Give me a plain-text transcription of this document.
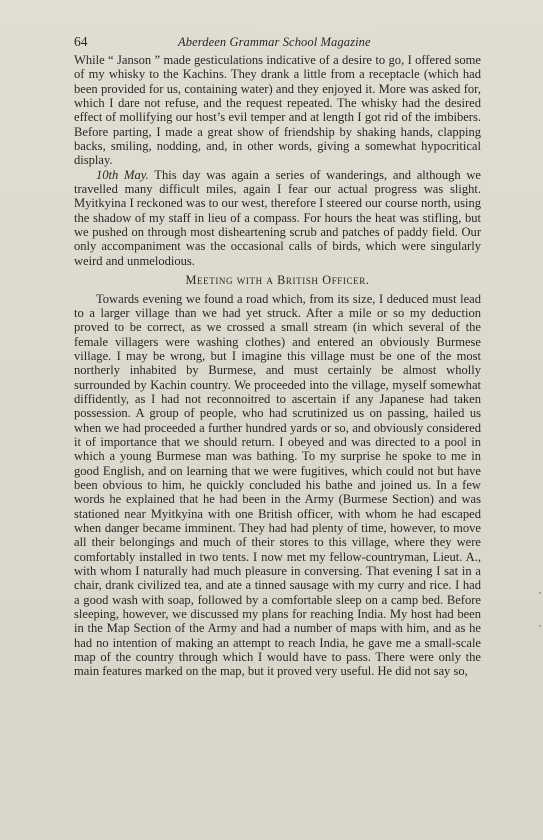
64	Aberdeen Grammar School Magazine

While “ Janson ” made gesticulations indicative of a desire to go, I offered some of my whisky to the Kachins. They drank a little from a receptacle (which had been provided for us, containing water) and they enjoyed it. More was asked for, which I dare not refuse, and the request repeated. The whisky had the desired effect of mollifying our host’s evil temper and at length I got rid of the imbibers. Before parting, I made a great show of friendship by shaking hands, clapping backs, smiling, nodding, and, in other words, giving a somewhat hypocritical display.

10th May. This day was again a series of wanderings, and although we travelled many difficult miles, again I fear our actual progress was slight. Myitkyina I reckoned was to our west, therefore I steered our course north, using the shadow of my staff in lieu of a compass. For hours the heat was stifling, but we pushed on through most disheartening scrub and patches of paddy field. Our only accompaniment was the occasional calls of birds, which were singularly weird and unmelodious.

Meeting with a British Officer.

Towards evening we found a road which, from its size, I deduced must lead to a larger village than we had yet struck. After a mile or so my deduction proved to be correct, as we crossed a small stream (in which several of the female villagers were washing clothes) and entered an obviously Burmese village. I may be wrong, but I imagine this village must be one of the most northerly inhabited by Burmese, and must certainly be almost wholly surrounded by Kachin country. We proceeded into the village, myself somewhat diffidently, as I had not reconnoitred to ascertain if any Japanese had taken possession. A group of people, who had scrutinized us on passing, hailed us when we had proceeded a further hundred yards or so, and obviously considered it of importance that we should return. I obeyed and was directed to a pool in which a young Burmese man was bathing. To my surprise he spoke to me in good English, and on learning that we were fugitives, which could not but have been obvious to him, he quickly concluded his bathe and joined us. In a few words he explained that he had been in the Army (Burmese Section) and was stationed near Myitkyina with one British officer, with whom he had escaped when danger became imminent. They had had plenty of time, however, to move all their belongings and much of their stores to this village, where they were comfortably installed in two tents. I now met my fellow-countryman, Lieut. A., with whom I naturally had much pleasure in conversing. That evening I sat in a chair, drank civilized tea, and ate a tinned sausage with my curry and rice. I had a good wash with soap, followed by a comfortable sleep on a camp bed. Before sleeping, however, we discussed my plans for reaching India. My host had been in the Map Section of the Army and had a number of maps with him, and as he had no intention of making an attempt to reach India, he gave me a small-scale map of the country through which I would have to pass. There were only the main features marked on the map, but it proved very useful. He did not say so,
